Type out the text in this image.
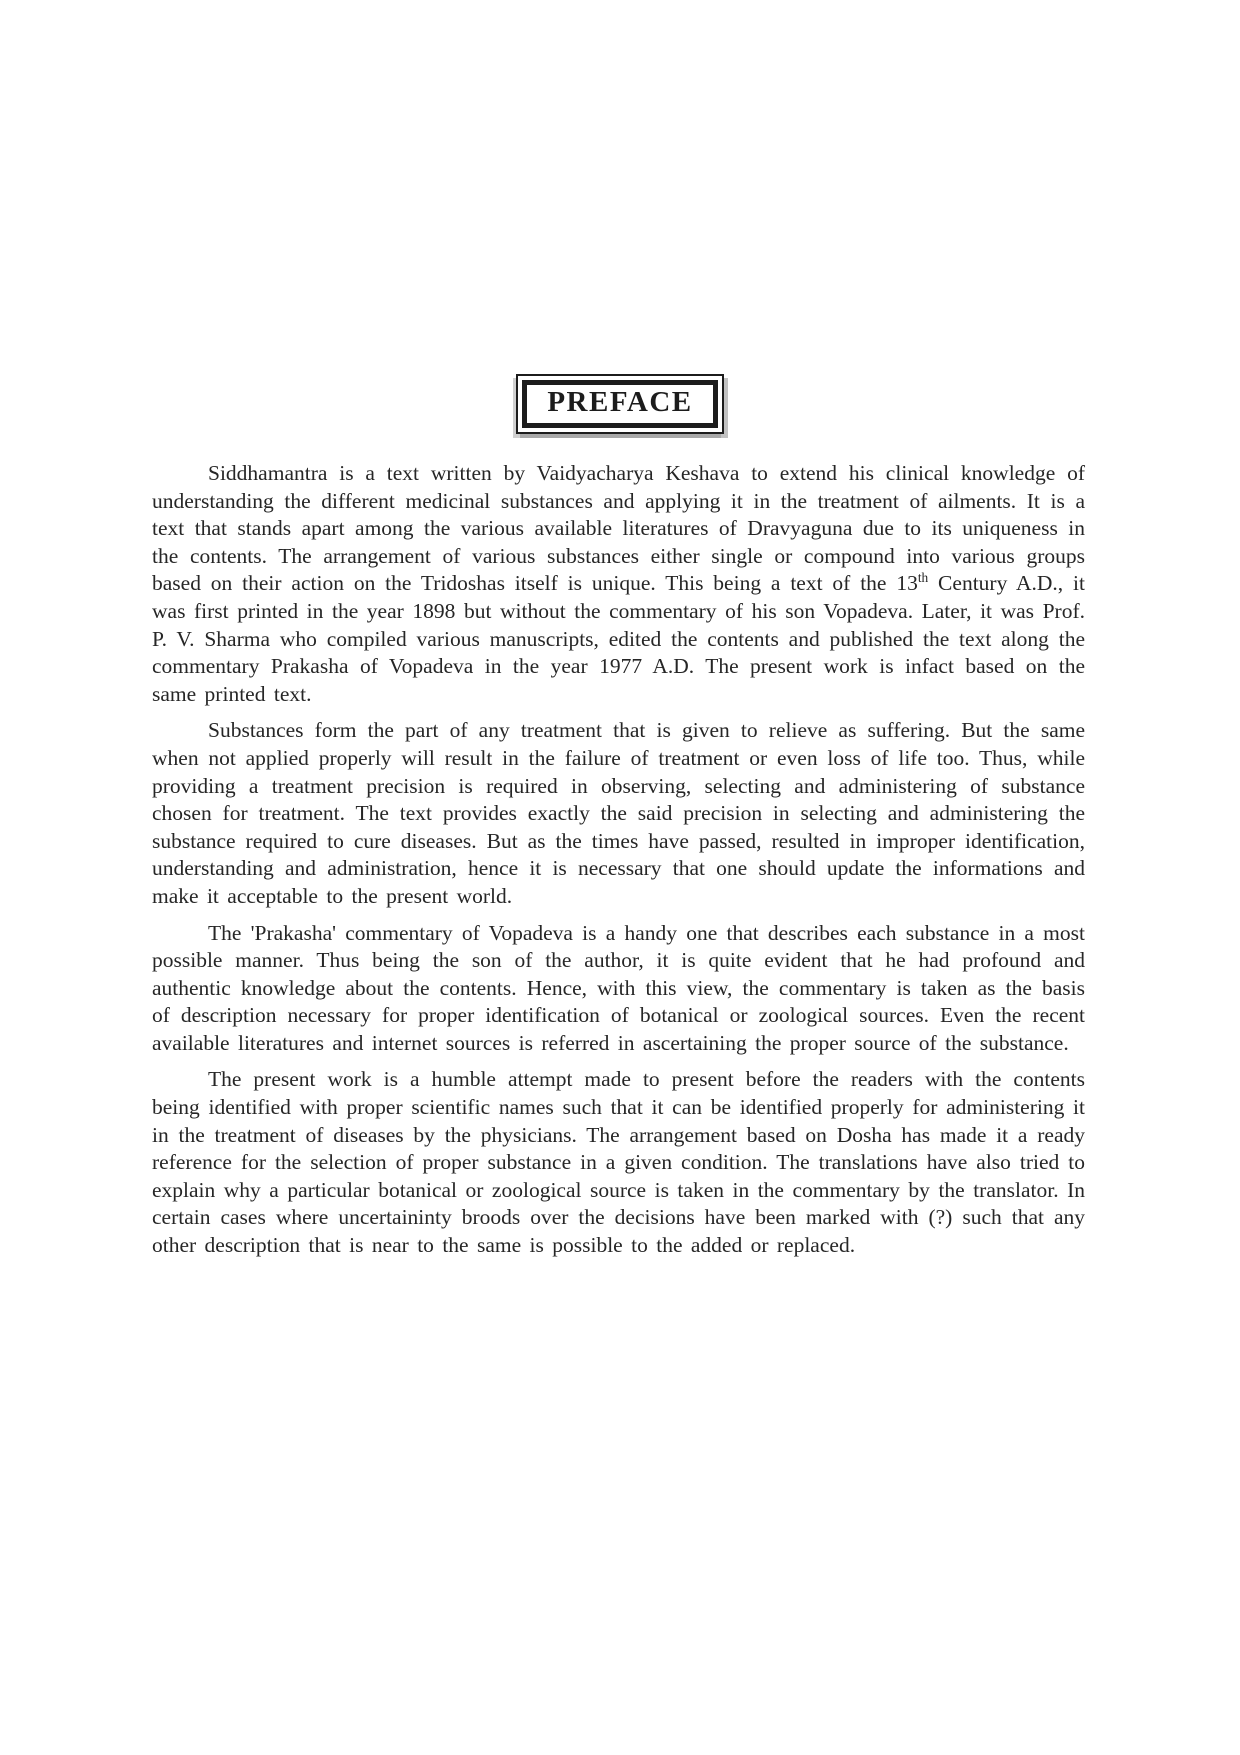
PREFACE

Siddhamantra is a text written by Vaidyacharya Keshava to extend his clinical knowledge of understanding the different medicinal substances and applying it in the treatment of ailments. It is a text that stands apart among the various available literatures of Dravyaguna due to its uniqueness in the contents. The arrangement of various substances either single or compound into various groups based on their action on the Tridoshas itself is unique. This being a text of the 13th Century A.D., it was first printed in the year 1898 but without the commentary of his son Vopadeva. Later, it was Prof. P. V. Sharma who compiled various manuscripts, edited the contents and published the text along the commentary Prakasha of Vopadeva in the year 1977 A.D. The present work is infact based on the same printed text.

Substances form the part of any treatment that is given to relieve as suffering. But the same when not applied properly will result in the failure of treatment or even loss of life too. Thus, while providing a treatment precision is required in observing, selecting and administering of substance chosen for treatment. The text provides exactly the said precision in selecting and administering the substance required to cure diseases. But as the times have passed, resulted in improper identification, understanding and administration, hence it is necessary that one should update the informations and make it acceptable to the present world.

The 'Prakasha' commentary of Vopadeva is a handy one that describes each substance in a most possible manner. Thus being the son of the author, it is quite evident that he had profound and authentic knowledge about the contents. Hence, with this view, the commentary is taken as the basis of description necessary for proper identification of botanical or zoological sources. Even the recent available literatures and internet sources is referred in ascertaining the proper source of the substance.

The present work is a humble attempt made to present before the readers with the contents being identified with proper scientific names such that it can be identified properly for administering it in the treatment of diseases by the physicians. The arrangement based on Dosha has made it a ready reference for the selection of proper substance in a given condition. The translations have also tried to explain why a particular botanical or zoological source is taken in the commentary by the translator. In certain cases where uncertaininty broods over the decisions have been marked with (?) such that any other description that is near to the same is possible to the added or replaced.
